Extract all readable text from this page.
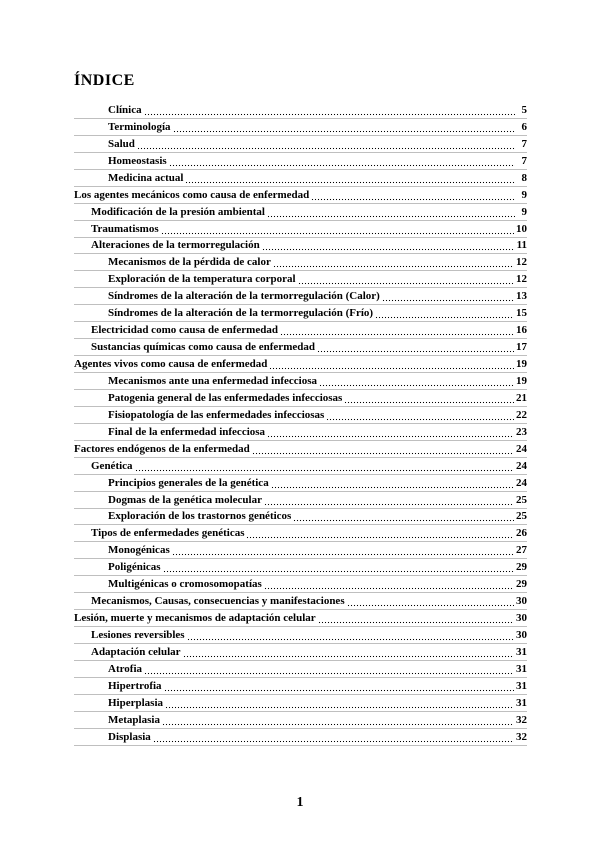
ÍNDICE
Clínica	5
Terminología	6
Salud	7
Homeostasis	7
Medicina actual	8
Los agentes mecánicos como causa de enfermedad	9
Modificación de la presión ambiental	9
Traumatismos	10
Alteraciones de la termorregulación	11
Mecanismos de la pérdida de calor	12
Exploración de la temperatura corporal	12
Síndromes de la alteración de la termorregulación (Calor)	13
Síndromes de la alteración de la termorregulación (Frío)	15
Electricidad como causa de enfermedad	16
Sustancias químicas como causa de enfermedad	17
Agentes vivos como causa de enfermedad	19
Mecanismos ante una enfermedad infecciosa	19
Patogenia general de las enfermedades infecciosas	21
Fisiopatología de las enfermedades infecciosas	22
Final de la enfermedad infecciosa	23
Factores endógenos de la enfermedad	24
Genética	24
Principios generales de la genética	24
Dogmas de la genética molecular	25
Exploración de los trastornos genéticos	25
Tipos de enfermedades genéticas	26
Monogénicas	27
Poligénicas	29
Multigénicas o cromosomopatías	29
Mecanismos, Causas, consecuencias y manifestaciones	30
Lesión, muerte y mecanismos de adaptación celular	30
Lesiones reversibles	30
Adaptación celular	31
Atrofia	31
Hipertrofia	31
Hiperplasia	31
Metaplasia	32
Displasia	32
1
